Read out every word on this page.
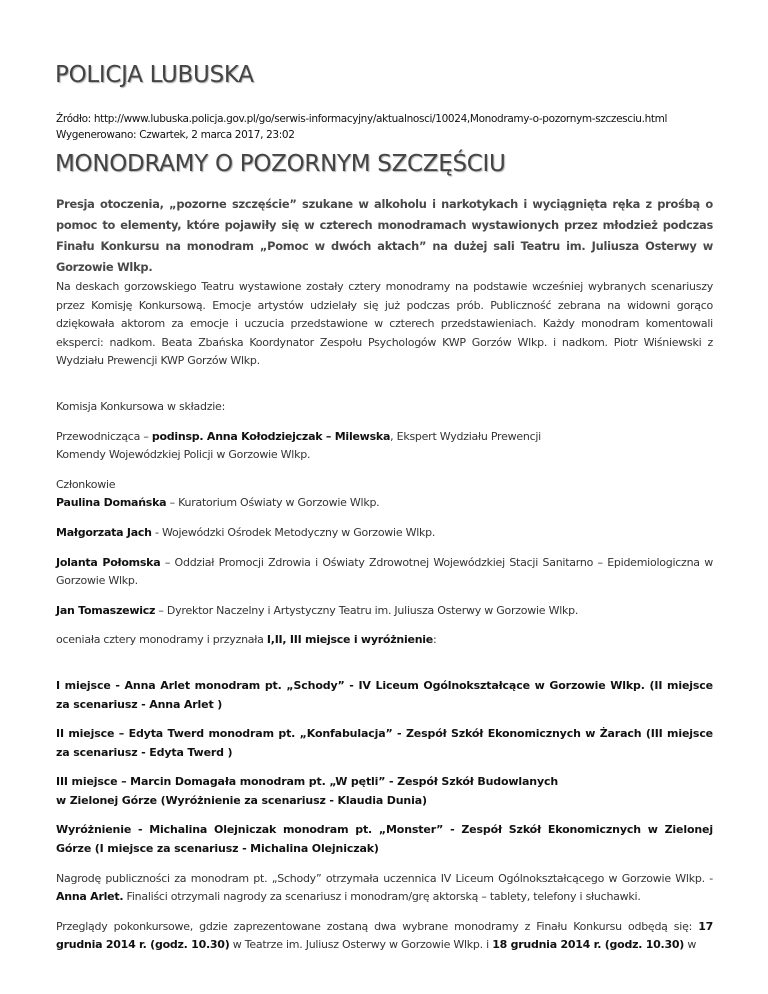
POLICJA LUBUSKA
Źródło: http://www.lubuska.policja.gov.pl/go/serwis-informacyjny/aktualnosci/10024,Monodramy-o-pozornym-szczesciu.html
Wygenerowano: Czwartek, 2 marca 2017, 23:02
MONODRAMY O POZORNYM SZCZĘŚCIU

Presja otoczenia, „pozorne szczęście” szukane w alkoholu i narkotykach i wyciągnięta ręka z prośbą o pomoc to elementy, które pojawiły się w czterech monodramach wystawionych przez młodzież podczas Finału Konkursu na monodram „Pomoc w dwóch aktach” na dużej sali Teatru im. Juliusza Osterwy w Gorzowie Wlkp.

Na deskach gorzowskiego Teatru wystawione zostały cztery monodramy na podstawie wcześniej wybranych scenariuszy przez Komisję Konkursową. Emocje artystów udzielały się już podczas prób. Publiczność zebrana na widowni gorąco dziękowała aktorom za emocje i uczucia przedstawione w czterech przedstawieniach. Każdy monodram komentowali eksperci: nadkom. Beata Zbańska Koordynator Zespołu Psychologów KWP Gorzów Wlkp. i nadkom. Piotr Wiśniewski z Wydziału Prewencji KWP Gorzów Wlkp.

Komisja Konkursowa w składzie:

Przewodnicząca – podinsp. Anna Kołodziejczak – Milewska, Ekspert Wydziału Prewencji
Komendy Wojewódzkiej Policji w Gorzowie Wlkp.

Członkowie

Paulina Domańska – Kuratorium Oświaty w Gorzowie Wlkp.

Małgorzata Jach - Wojewódzki Ośrodek Metodyczny w Gorzowie Wlkp.

Jolanta Połomska – Oddział Promocji Zdrowia i Oświaty Zdrowotnej Wojewódzkiej Stacji Sanitarno – Epidemiologiczna w Gorzowie Wlkp.

Jan Tomaszewicz – Dyrektor Naczelny i Artystyczny Teatru im. Juliusza Osterwy w Gorzowie Wlkp.

oceniała cztery monodramy i przyznała I,II, III miejsce i wyróżnienie:

I miejsce - Anna Arlet monodram pt. „Schody” - IV Liceum Ogólnokształcące w Gorzowie Wlkp. (II miejsce za scenariusz - Anna Arlet )

II miejsce – Edyta Twerd monodram pt. „Konfabulacja” - Zespół Szkół Ekonomicznych w Żarach (III miejsce za scenariusz - Edyta Twerd )

III miejsce – Marcin Domagała monodram pt. „W pętli” - Zespół Szkół Budowlanych
w Zielonej Górze (Wyróżnienie za scenariusz - Klaudia Dunia)

Wyróżnienie - Michalina Olejniczak monodram pt. „Monster” - Zespół Szkół Ekonomicznych w Zielonej Górze (I miejsce za scenariusz - Michalina Olejniczak)

Nagrodę publiczności za monodram pt. „Schody” otrzymała uczennica IV Liceum Ogólnokształcącego w Gorzowie Wlkp. - Anna Arlet. Finaliści otrzymali nagrody za scenariusz i monodram/grę aktorską – tablety, telefony i słuchawki.

Przeglądy pokonkursowe, gdzie zaprezentowane zostaną dwa wybrane monodramy z Finału Konkursu odbędą się: 17 grudnia 2014 r. (godz. 10.30) w Teatrze im. Juliusz Osterwy w Gorzowie Wlkp. i 18 grudnia 2014 r. (godz. 10.30) w
